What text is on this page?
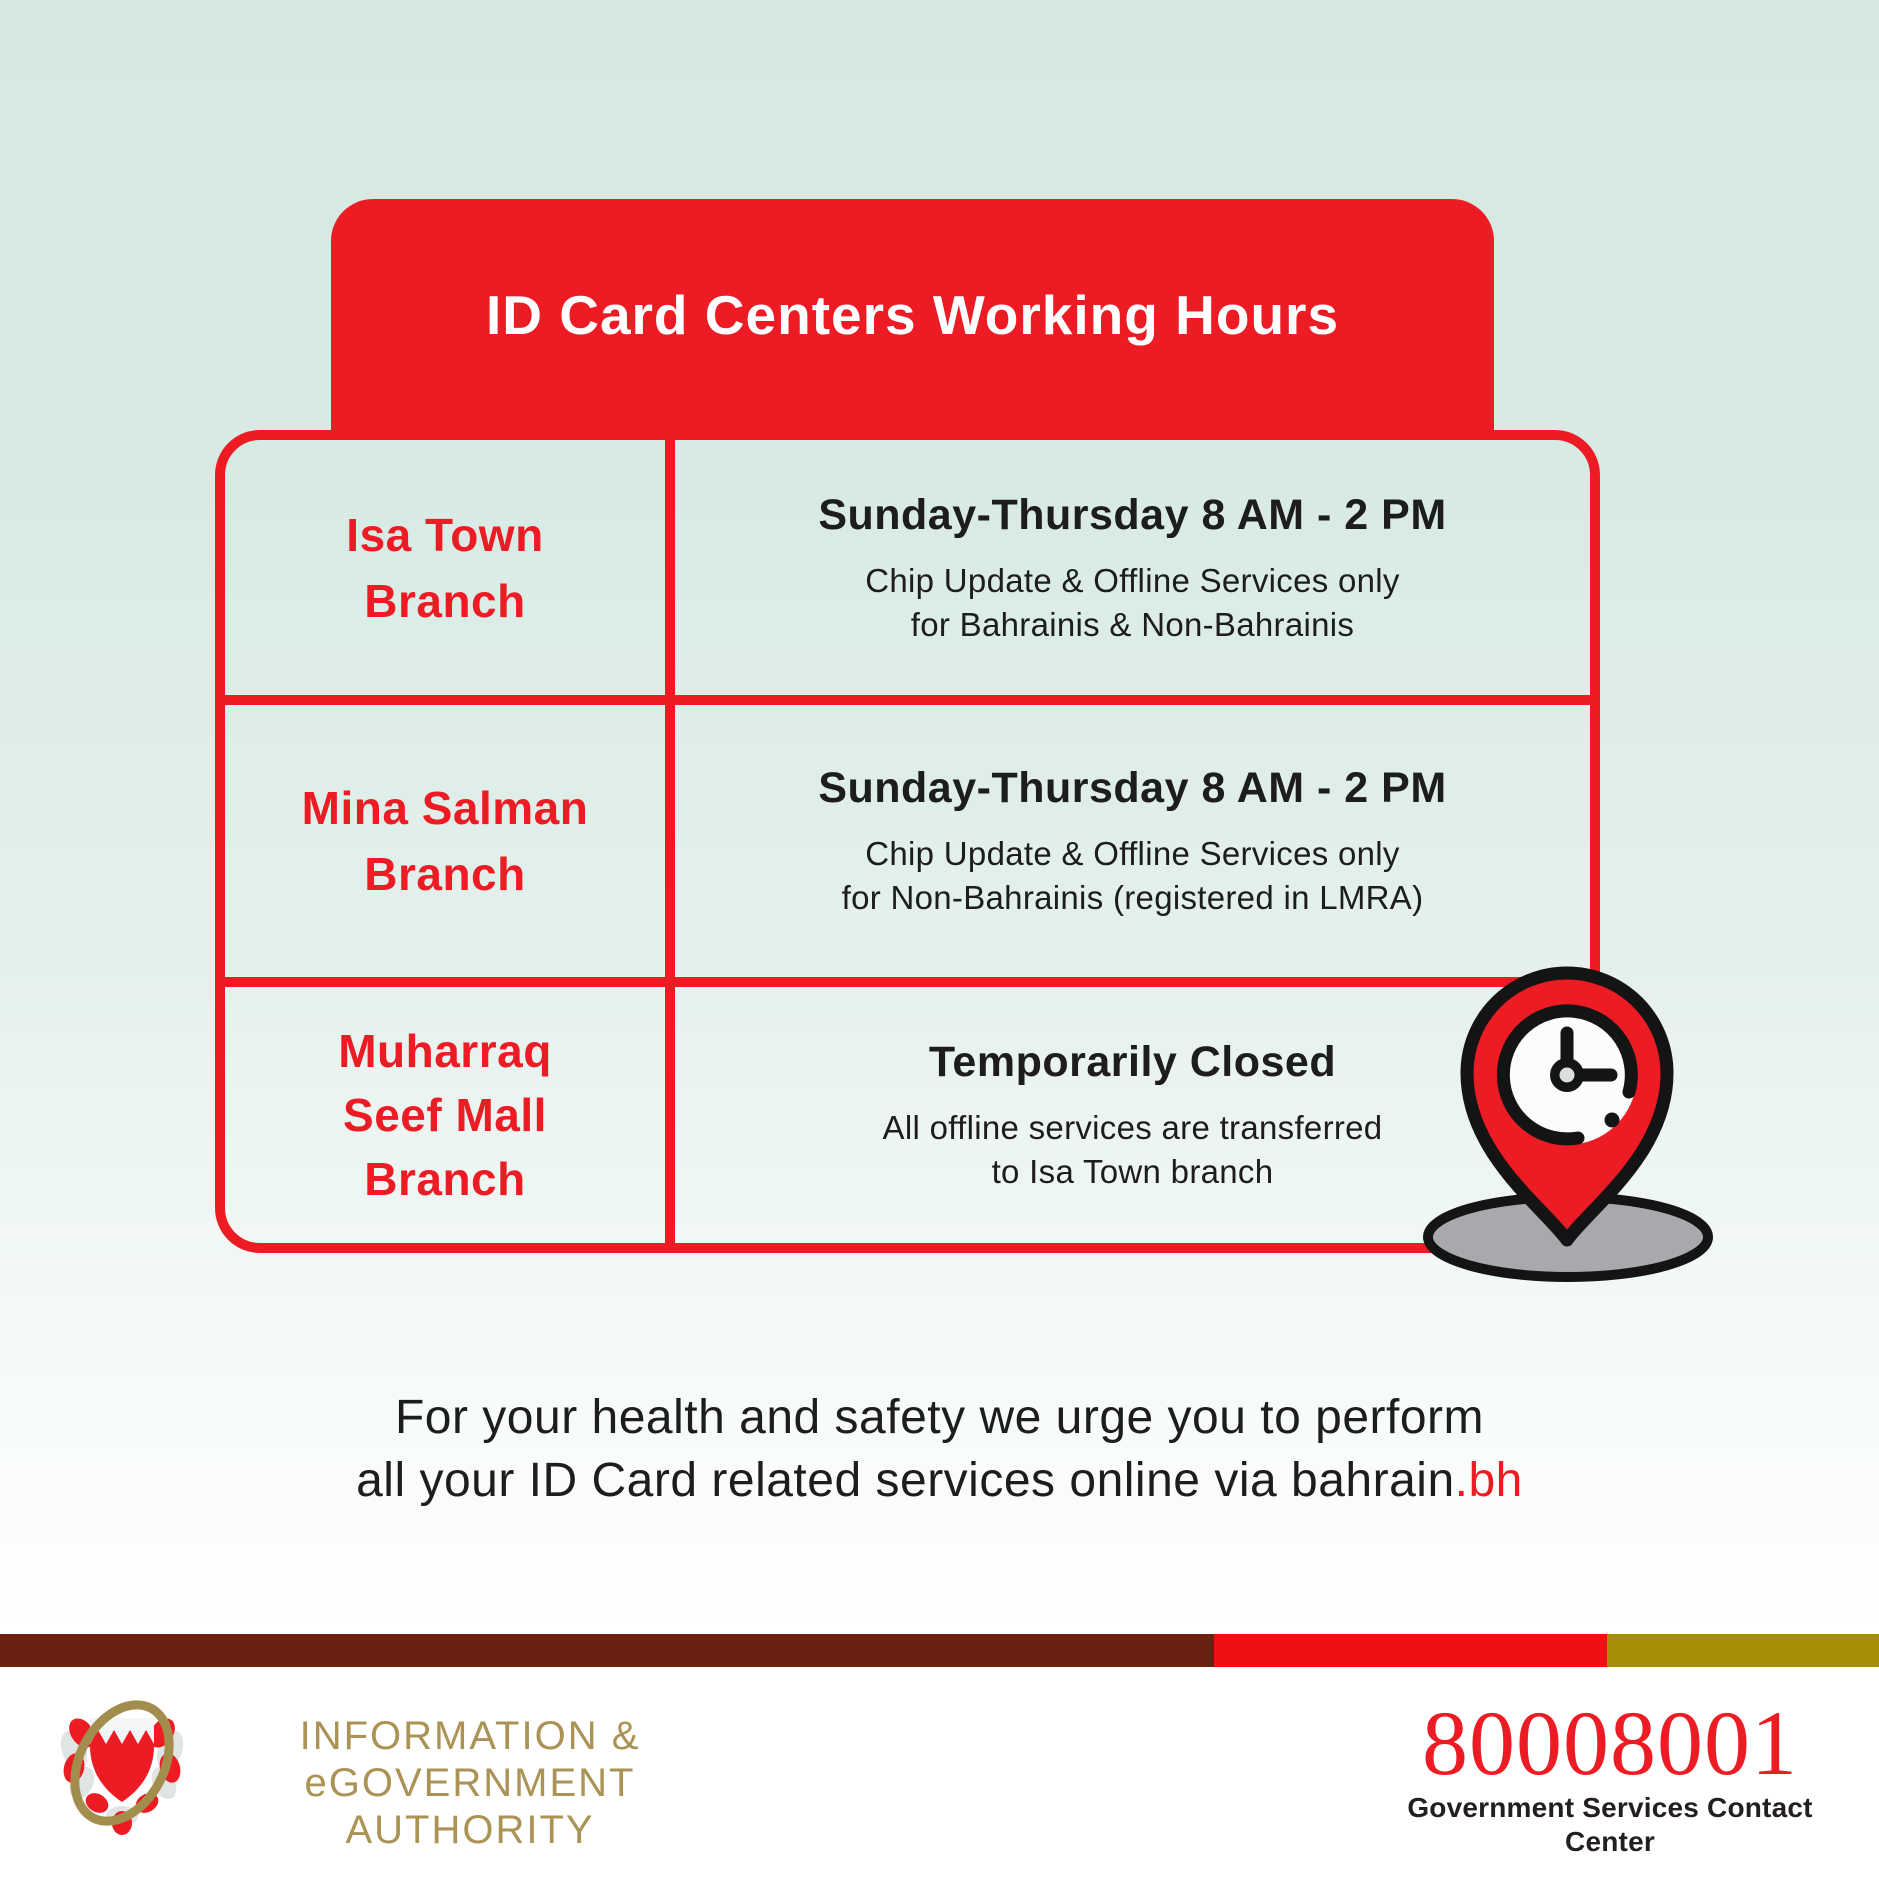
ID Card Centers Working Hours
Isa Town
Branch
Sunday-Thursday 8 AM - 2 PM
Chip Update & Offline Services only
for Bahrainis & Non-Bahrainis
Mina Salman
Branch
Sunday-Thursday 8 AM - 2 PM
Chip Update & Offline Services only
for Non-Bahrainis (registered in LMRA)
Muharraq
Seef Mall
Branch
Temporarily Closed
All offline services are transferred
to Isa Town branch
For your health and safety we urge you to perform
all your ID Card related services online via bahrain.bh
INFORMATION &
eGOVERNMENT AUTHORITY
80008001
Government Services Contact Center
